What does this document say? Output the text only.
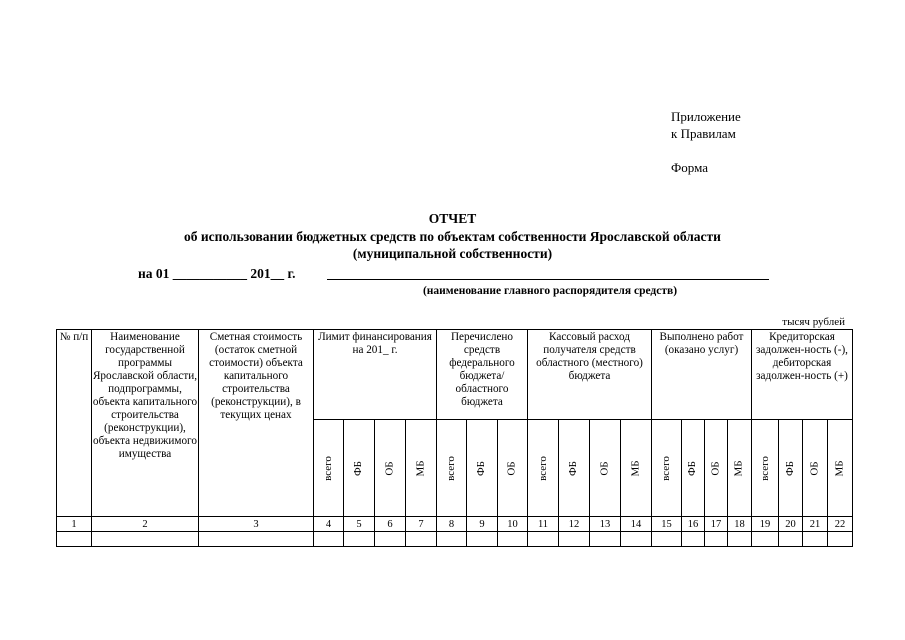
Приложение
к Правилам
Форма
ОТЧЕТ
об использовании бюджетных средств по объектам собственности Ярославской области
(муниципальной собственности)
на 01 ___________ 201__ г.
(наименование главного распорядителя средств)
тысяч рублей
№ п/п	Наименование государственной программы Ярославской области, подпрограммы, объекта капитального строительства (реконструкции), объекта недвижимого имущества	Сметная стоимость (остаток сметной стоимости) объекта капитального строительства (реконструкции), в текущих ценах	Лимит финансирования на 201_ г.				Перечислено средств федерального бюджета/ областного бюджета			Кассовый расход получателя средств областного (местного) бюджета				Выполнено работ (оказано услуг)				Кредиторская задолжен-ность (-), дебиторская задолжен-ность (+)			
			всего	ФБ	ОБ	МБ	всего	ФБ	ОБ	всего	ФБ	ОБ	МБ	всего	ФБ	ОБ	МБ	всего	ФБ	ОБ	МБ
1	2	3	4	5	6	7	8	9	10	11	12	13	14	15	16	17	18	19	20	21	22
